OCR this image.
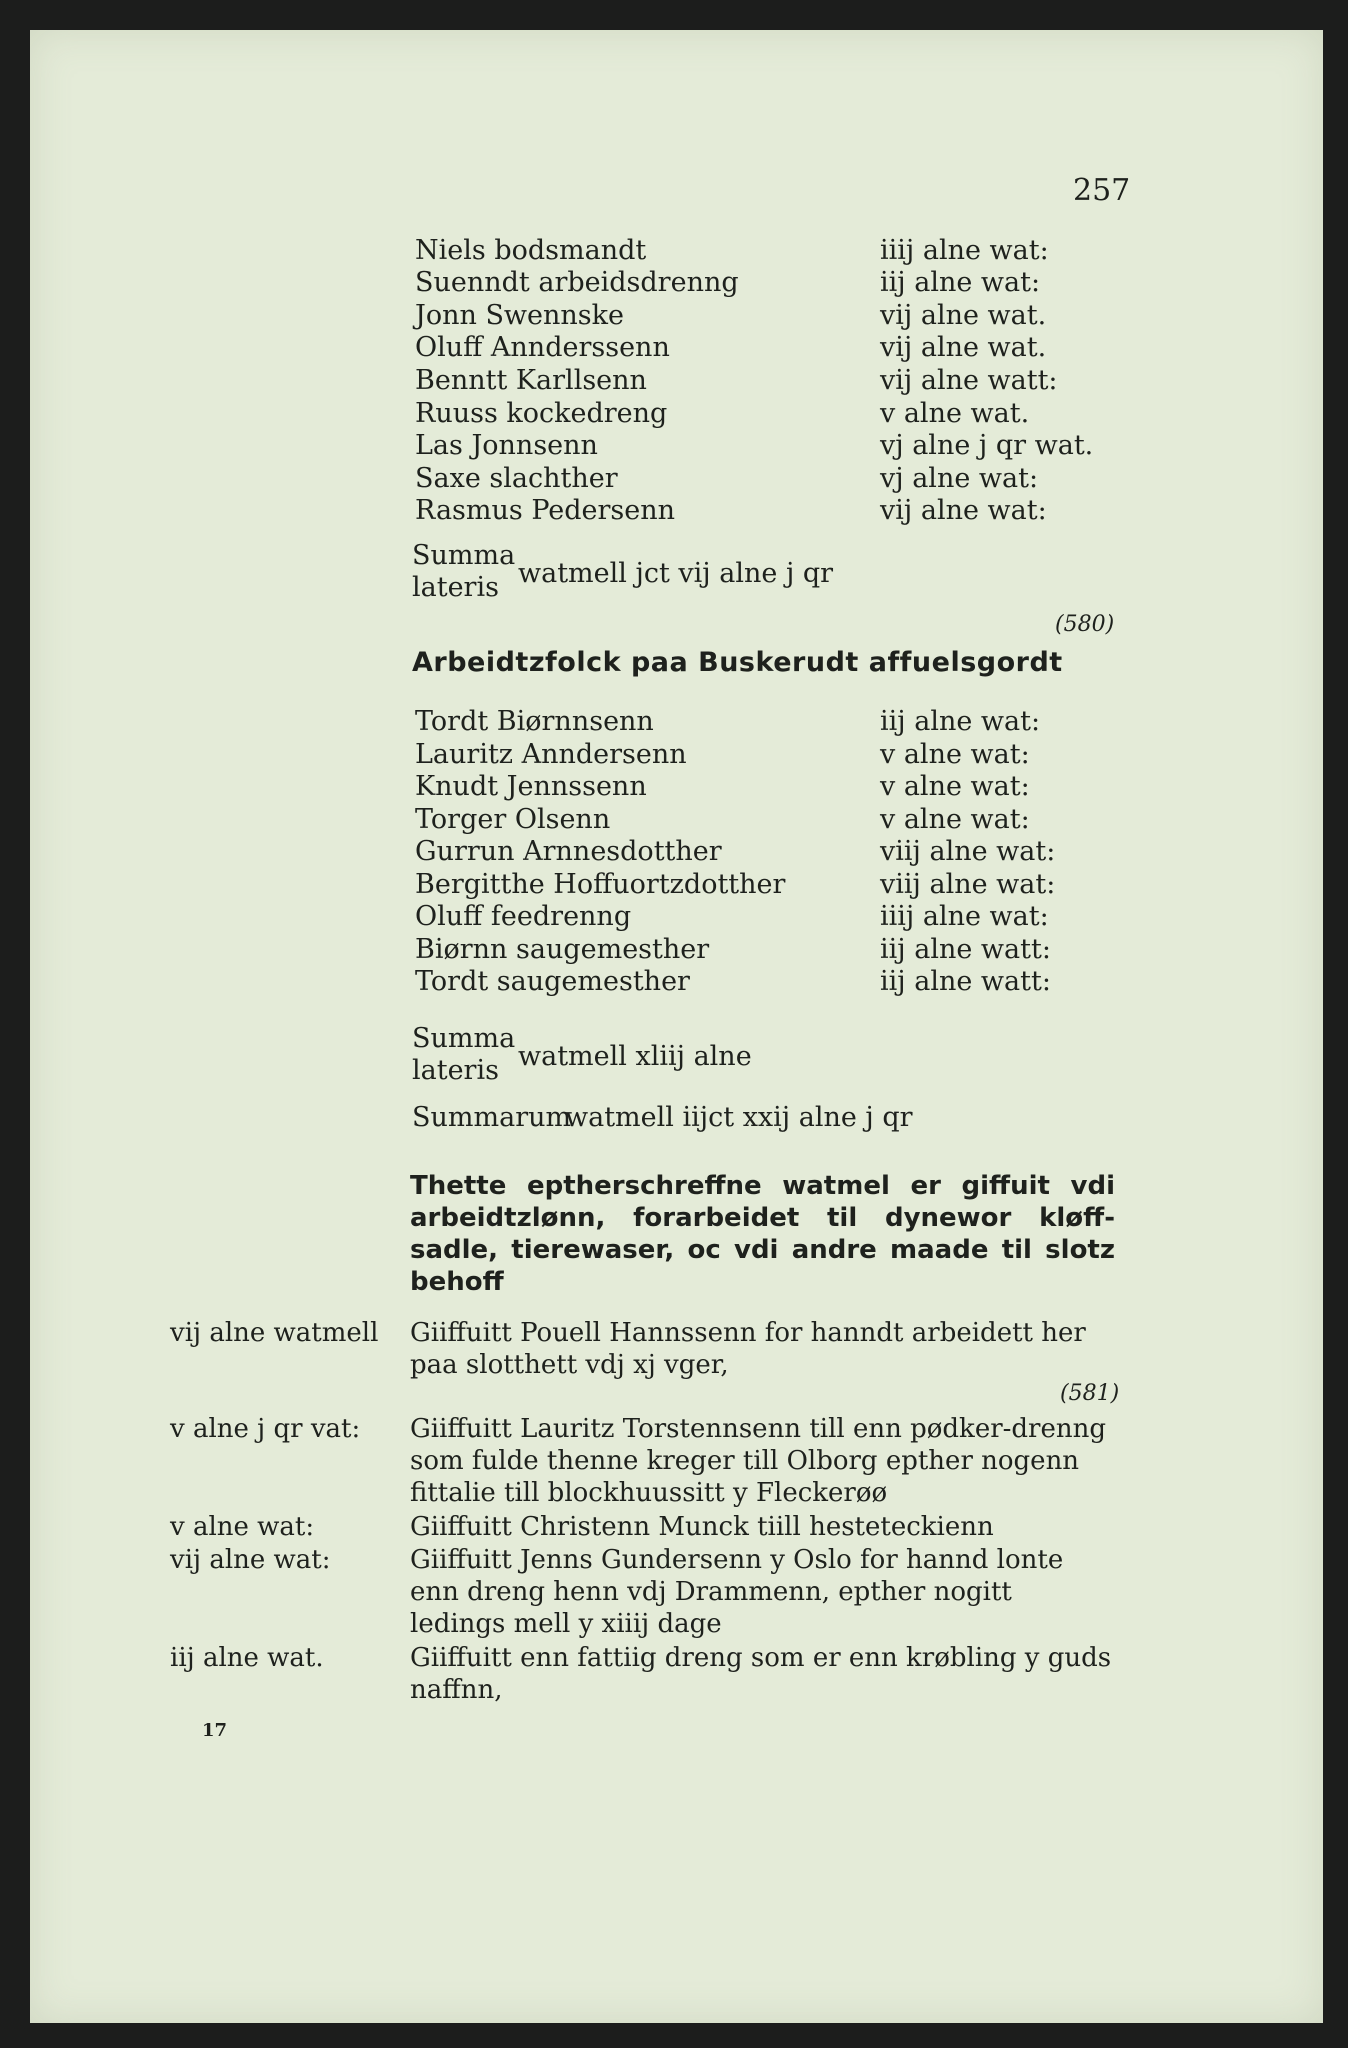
257
Niels bodsmandt	iiij alne wat:
Suenndt arbeidsdrenng	iij alne wat:
Jonn Swennske	vij alne wat.
Oluff Annderssenn	vij alne wat.
Benntt Karllsenn	vij alne watt:
Ruuss kockedreng	v alne wat.
Las Jonnsenn	vj alne j qr wat.
Saxe slachther	vj alne wat:
Rasmus Pedersenn	vij alne wat:
Summa
lateris watmell jct vij alne j qr
(580)
Arbeidtzfolck paa Buskerudt affuelsgordt
Tordt Biørnnsenn	iij alne wat:
Lauritz Anndersenn	v alne wat:
Knudt Jennssenn	v alne wat:
Torger Olsenn	v alne wat:
Gurrun Arnnesdotther	viij alne wat:
Bergitthe Hoffuortzdotther	viij alne wat:
Oluff feedrenng	iiij alne wat:
Biørnn saugemesther	iij alne watt:
Tordt saugemesther	iij alne watt:
Summa
lateris watmell xliij alne
Summarum
watmell iijct xxij alne j qr
Thette eptherschreffne watmel er giffuit vdi arbeidtzlønn, forarbeidet til dynewor kløff-sadle, tierewaser, oc vdi andre maade til slotz behoff
vij alne watmell Giiffuitt Pouell Hannssenn for hanndt arbeidett her paa slotthett vdj xj vger,
(581)
v alne j qr vat: Giiffuitt Lauritz Torstennsenn till enn pødker-drenng som fulde thenne kreger till Olborg epther nogenn fittalie till blockhuussitt y Fleckerøø
v alne wat:	Giiffuitt Christenn Munck tiill hesteteckienn
vij alne wat:	Giiffuitt Jenns Gundersenn y Oslo for hannd lonte enn dreng henn vdj Drammenn, epther nogitt ledings mell y xiiij dage
iij alne wat.	Giiffuitt enn fattiig dreng som er enn krøbling y guds naffnn,
17
